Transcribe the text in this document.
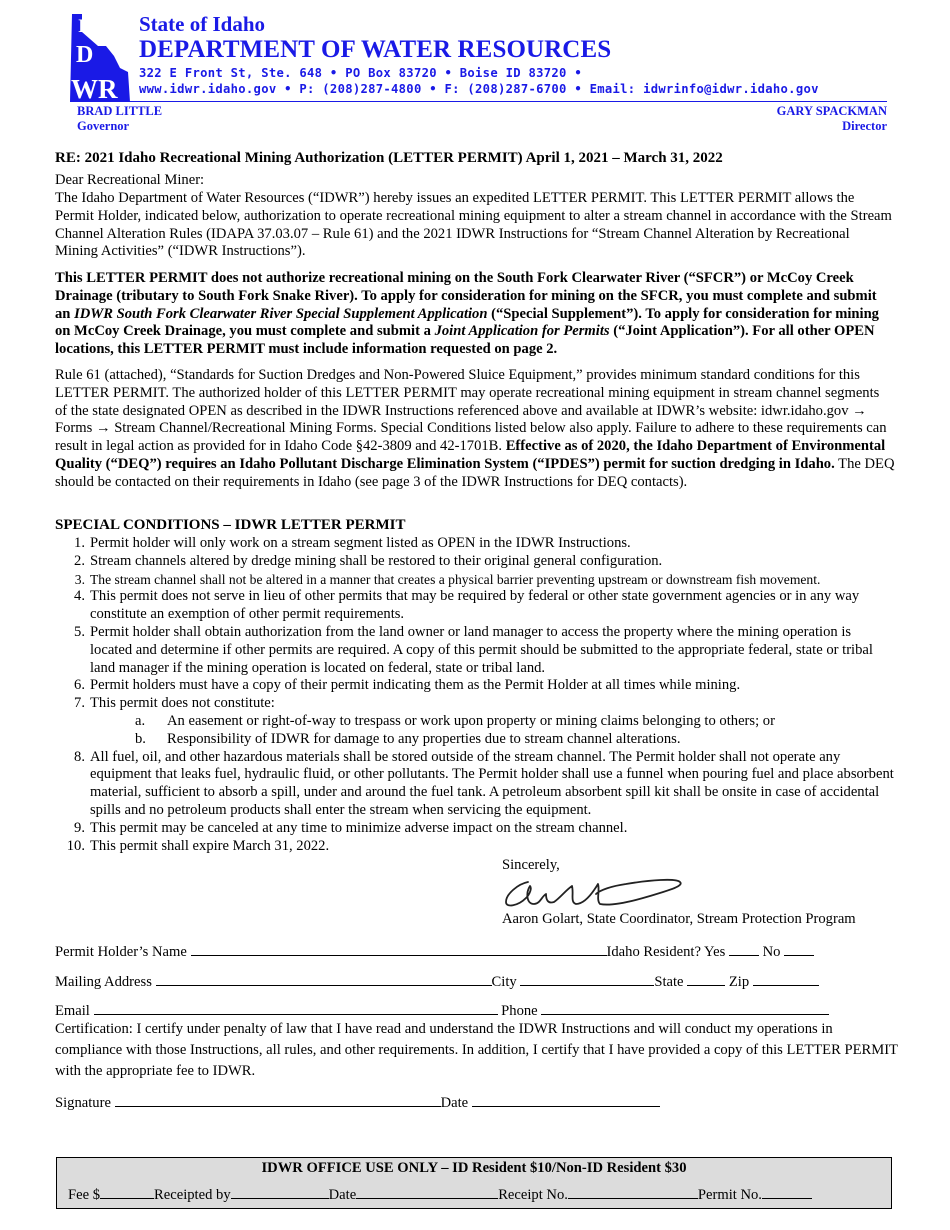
I
D
WR
State of Idaho
DEPARTMENT OF WATER RESOURCES
322 E Front St, Ste. 648 • PO Box 83720 • Boise ID 83720 •
www.idwr.idaho.gov • P: (208)287-4800 • F: (208)287-6700 • Email: idwrinfo@idwr.idaho.gov
BRAD LITTLE
Governor
GARY SPACKMAN
Director

RE: 2021 Idaho Recreational Mining Authorization (LETTER PERMIT) April 1, 2021 – March 31, 2022

Dear Recreational Miner:

The Idaho Department of Water Resources (“IDWR”) hereby issues an expedited LETTER PERMIT. This LETTER PERMIT allows the Permit Holder, indicated below, authorization to operate recreational mining equipment to alter a stream channel in accordance with the Stream Channel Alteration Rules (IDAPA 37.03.07 – Rule 61) and the 2021 IDWR Instructions for “Stream Channel Alteration by Recreational Mining Activities” (“IDWR Instructions”).

This LETTER PERMIT does not authorize recreational mining on the South Fork Clearwater River (“SFCR”) or McCoy Creek Drainage (tributary to South Fork Snake River). To apply for consideration for mining on the SFCR, you must complete and submit an IDWR South Fork Clearwater River Special Supplement Application (“Special Supplement”). To apply for consideration for mining on McCoy Creek Drainage, you must complete and submit a Joint Application for Permits (“Joint Application”). For all other OPEN locations, this LETTER PERMIT must include information requested on page 2.

Rule 61 (attached), “Standards for Suction Dredges and Non-Powered Sluice Equipment,” provides minimum standard conditions for this LETTER PERMIT. The authorized holder of this LETTER PERMIT may operate recreational mining equipment in stream channel segments of the state designated OPEN as described in the IDWR Instructions referenced above and available at IDWR’s website: idwr.idaho.gov → Forms → Stream Channel/Recreational Mining Forms. Special Conditions listed below also apply. Failure to adhere to these requirements can result in legal action as provided for in Idaho Code §42-3809 and 42-1701B. Effective as of 2020, the Idaho Department of Environmental Quality (“DEQ”) requires an Idaho Pollutant Discharge Elimination System (“IPDES”) permit for suction dredging in Idaho. The DEQ should be contacted on their requirements in Idaho (see page 3 of the IDWR Instructions for DEQ contacts).

SPECIAL CONDITIONS – IDWR LETTER PERMIT

1. Permit holder will only work on a stream segment listed as OPEN in the IDWR Instructions.
2. Stream channels altered by dredge mining shall be restored to their original general configuration.
3. The stream channel shall not be altered in a manner that creates a physical barrier preventing upstream or downstream fish movement.
4. This permit does not serve in lieu of other permits that may be required by federal or other state government agencies or in any way constitute an exemption of other permit requirements.
5. Permit holder shall obtain authorization from the land owner or land manager to access the property where the mining operation is located and determine if other permits are required. A copy of this permit should be submitted to the appropriate federal, state or tribal land manager if the mining operation is located on federal, state or tribal land.
6. Permit holders must have a copy of their permit indicating them as the Permit Holder at all times while mining.
7. This permit does not constitute:
a.	An easement or right-of-way to trespass or work upon property or mining claims belonging to others; or
b.	Responsibility of IDWR for damage to any properties due to stream channel alterations.
8. All fuel, oil, and other hazardous materials shall be stored outside of the stream channel. The Permit holder shall not operate any equipment that leaks fuel, hydraulic fluid, or other pollutants. The Permit holder shall use a funnel when pouring fuel and place absorbent material, sufficient to absorb a spill, under and around the fuel tank. A petroleum absorbent spill kit shall be onsite in case of accidental spills and no petroleum products shall enter the stream when servicing the equipment.
9. This permit may be canceled at any time to minimize adverse impact on the stream channel.
10. This permit shall expire March 31, 2022.
Sincerely,
Aaron Golart, State Coordinator, Stream Protection Program
Permit Holder’s Name	Idaho Resident? Yes	No
Mailing Address	City	State	Zip
Email	Phone
Certification: I certify under penalty of law that I have read and understand the IDWR Instructions and will conduct my operations in compliance with those Instructions, all rules, and other requirements. In addition, I certify that I have provided a copy of this LETTER PERMIT with the appropriate fee to IDWR.
Signature	Date
IDWR OFFICE USE ONLY – ID Resident $10/Non-ID Resident $30
Fee $	Receipted by	Date	Receipt No.	Permit No.
